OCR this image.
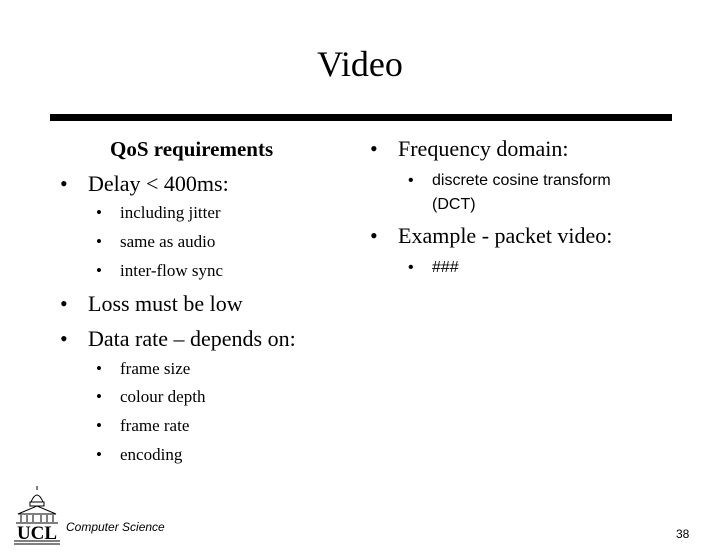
Video
QoS requirements
• Delay < 400ms:
• including jitter
• same as audio
• inter-flow sync
• Loss must be low
• Data rate – depends on:
• frame size
• colour depth
• frame rate
• encoding
• Frequency domain:
• discrete cosine transform
(DCT)
• Example - packet video:
• ###
UCL Computer Science	38
